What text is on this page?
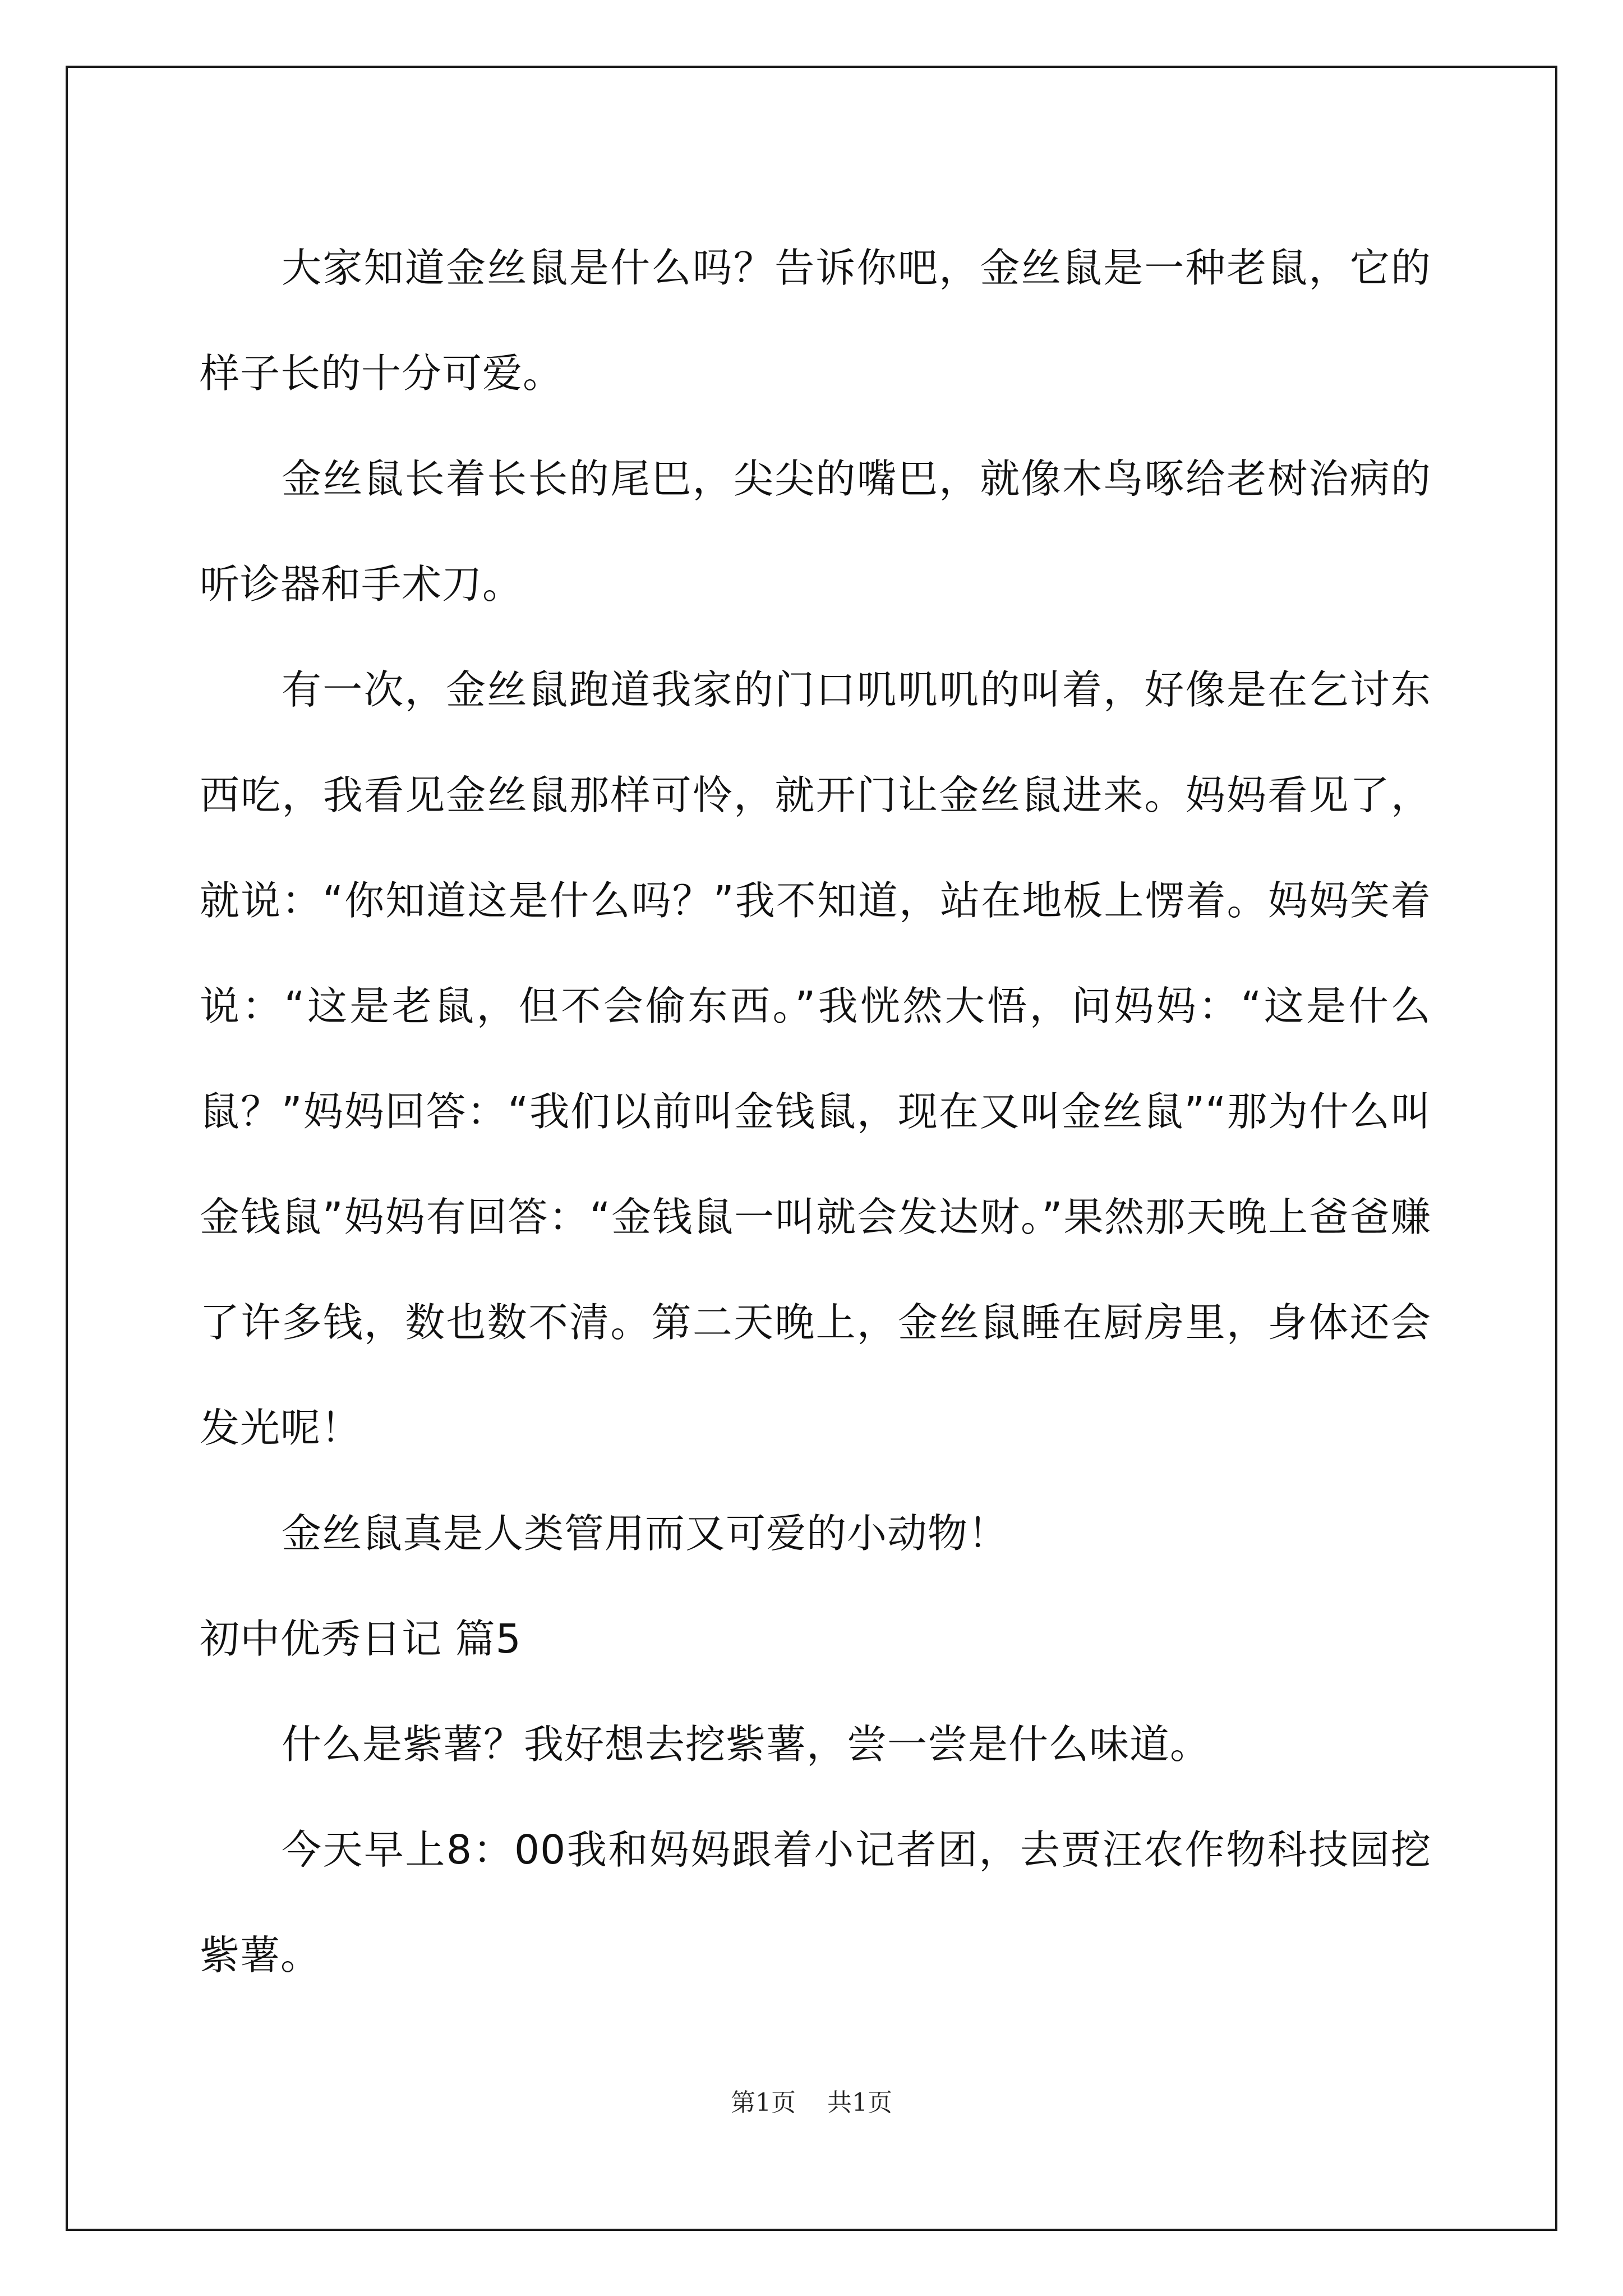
大家知道金丝鼠是什么吗？告诉你吧，金丝鼠是一种老鼠，它的样子长的十分可爱。

金丝鼠长着长长的尾巴，尖尖的嘴巴，就像木鸟啄给老树治病的听诊器和手术刀。

有一次，金丝鼠跑道我家的门口叽叽叽的叫着，好像是在乞讨东西吃，我看见金丝鼠那样可怜，就开门让金丝鼠进来。妈妈看见了，就说：“你知道这是什么吗？”我不知道，站在地板上愣着。妈妈笑着说：“这是老鼠，但不会偷东西。”我恍然大悟，问妈妈：“这是什么鼠？”妈妈回答：“我们以前叫金钱鼠，现在又叫金丝鼠”“那为什么叫金钱鼠”妈妈有回答：“金钱鼠一叫就会发达财。”果然那天晚上爸爸赚了许多钱，数也数不清。第二天晚上，金丝鼠睡在厨房里，身体还会发光呢！

金丝鼠真是人类管用而又可爱的小动物！

初中优秀日记 篇5

什么是紫薯？我好想去挖紫薯，尝一尝是什么味道。

今天早上8：00我和妈妈跟着小记者团，去贾汪农作物科技园挖紫薯。

第1页 共1页
